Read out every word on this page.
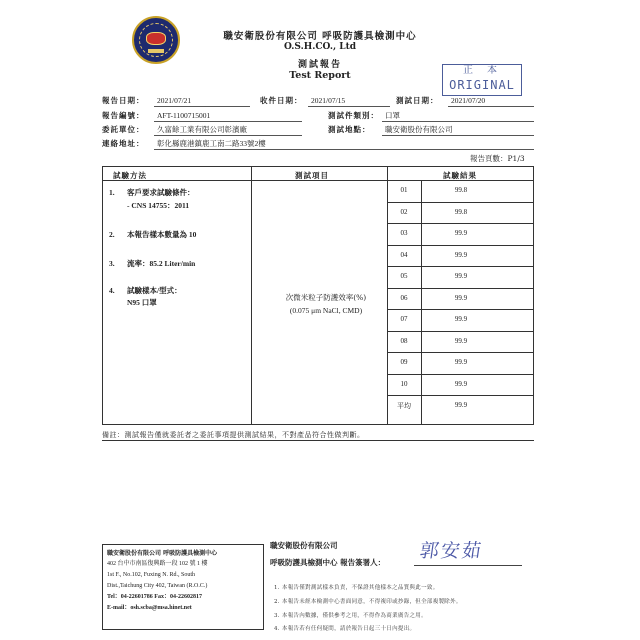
職安衛股份有限公司 呼吸防護具檢測中心
O.S.H.CO., Ltd
測試報告
Test Report	正本
ORIGINAL
報告日期：	2021/07/21	收件日期：	2021/07/15	測試日期：	2021/07/20
報告編號：	AFT-1100715001	測試件類別： 口罩
委託單位：	久富餘工業有限公司彰濱廠	測試地點：	職安衛股份有限公司
連絡地址：	彰化縣鹿港鎮鹿工南二路33號2樓
報告頁數：P1/3
01	99.8
02	99.8
03	99.9
04	99.9
05	99.9
06	99.9
07	99.9
08	99.9
09	99.9
10	99.9
平均	99.9
試驗方法	測試項目	試驗結果
1. 客戶要求試驗條件：
- CNS 14755：2011
2. 本報告樣本數量為 10
3. 流率：85.2 Liter/min
4. 試驗樣本/型式：
N95 口罩
次微米粒子防護效率(%)
(0.075 μm NaCl, CMD)
備註：測試報告僅就委託者之委託事項提供測試結果，不對產品符合性做判斷。
職安衛股份有限公司 呼吸防護具檢測中心
402 台中市南區復興路一段 102 號 1 樓
1st F., No.102, Fuxing N. Rd., South
Dist.,Taichung City 402, Taiwan (R.O.C.)
Tel：04-22601786 Fax：04-22602817
E-mail：osh.scba@msa.hinet.net
職安衛股份有限公司
呼吸防護具檢測中心 報告簽署人：
郭安茹
1. 本報告僅對測試樣本負責，不保證其他樣本之品質與此一致。
2. 本報告未經本檢測中心書面同意，不得複印或抄錄，但全部複製除外。
3. 本報告內數據，僅供參考之用，不得作為商業廣告之用。
4. 本報告若有任何疑問，請於報告日起三十日內提出。
